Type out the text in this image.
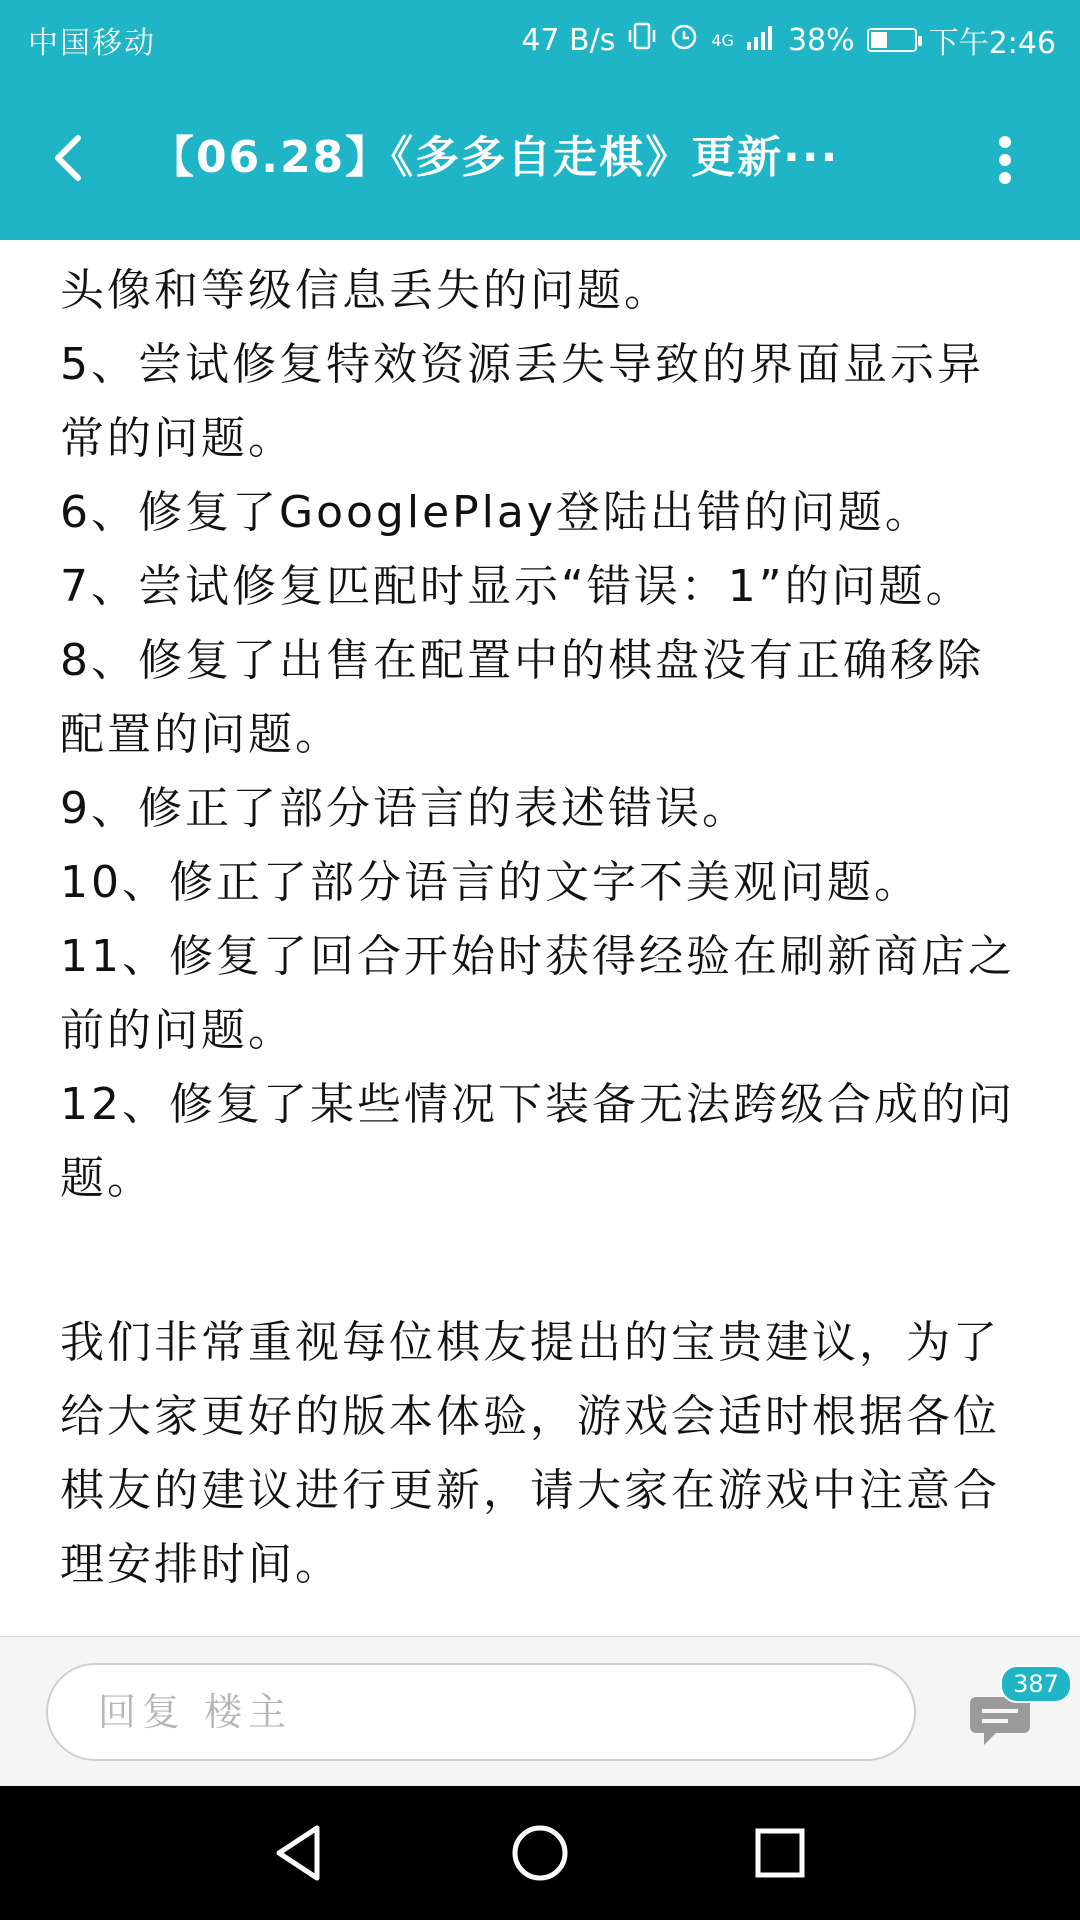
中国移动	47 B/s	4G 38% 下午2:46
【06.28】《多多自走棋》更新···
头像和等级信息丢失的问题。
5、尝试修复特效资源丢失导致的界面显示异常的问题。
6、修复了GooglePlay登陆出错的问题。
7、尝试修复匹配时显示“错误：1”的问题。
8、修复了出售在配置中的棋盘没有正确移除配置的问题。
9、修正了部分语言的表述错误。
10、修正了部分语言的文字不美观问题。
11、修复了回合开始时获得经验在刷新商店之前的问题。
12、修复了某些情况下装备无法跨级合成的问题。
我们非常重视每位棋友提出的宝贵建议，为了给大家更好的版本体验，游戏会适时根据各位棋友的建议进行更新，请大家在游戏中注意合理安排时间。
回复 楼主
387
